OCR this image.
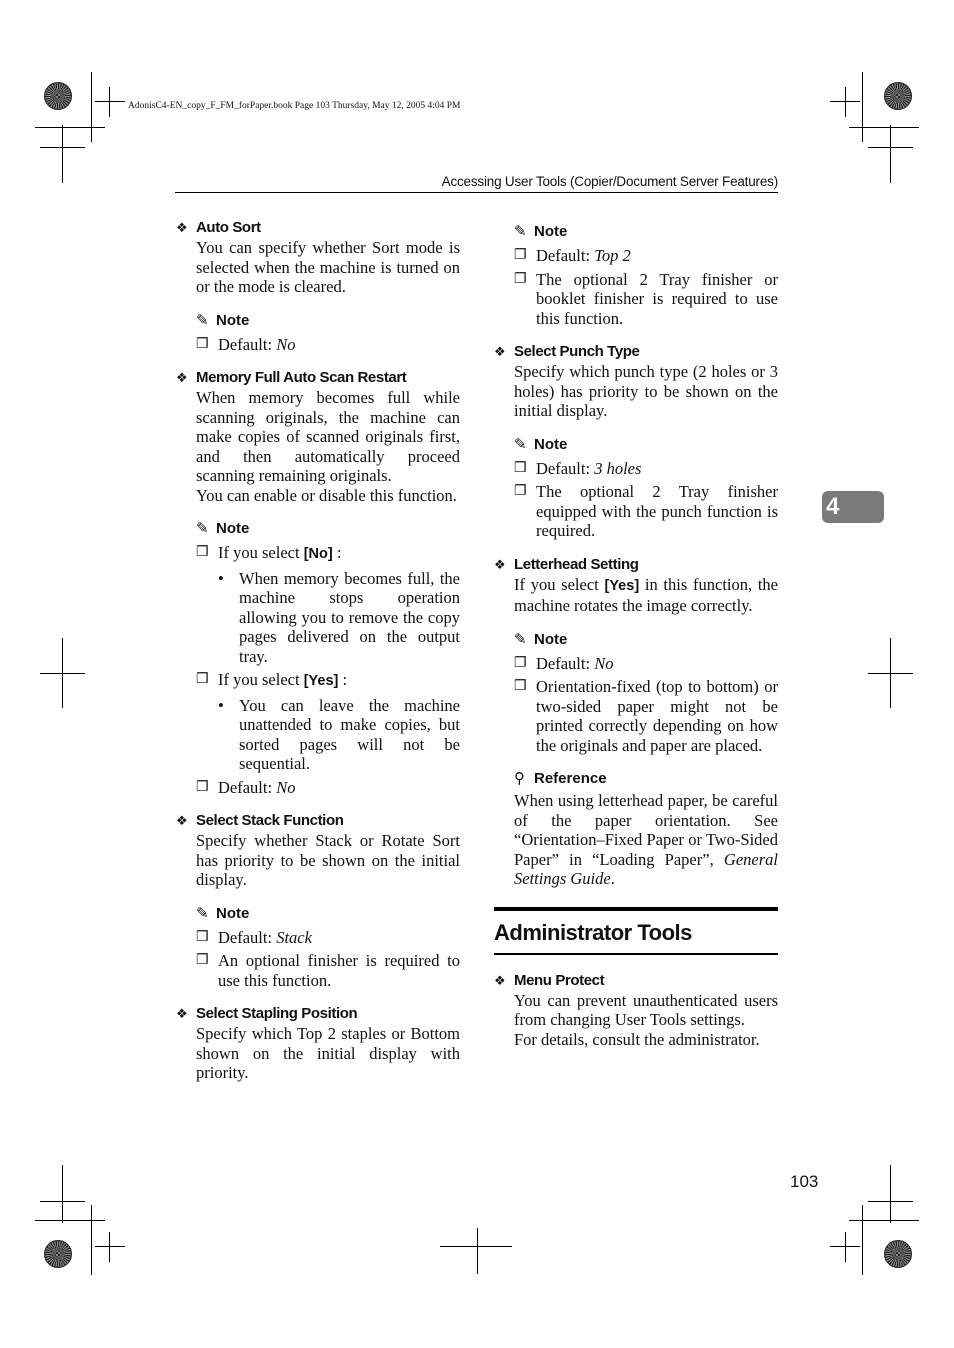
AdonisC4-EN_copy_F_FM_forPaper.book Page 103 Thursday, May 12, 2005 4:04 PM
Accessing User Tools (Copier/Document Server Features)
4

❖ Auto Sort

You can specify whether Sort mode is selected when the machine is turned on or the mode is cleared.

✎ Note
❒ Default: No

❖ Memory Full Auto Scan Restart

When memory becomes full while scanning originals, the machine can make copies of scanned originals first, and then automatically proceed scanning remaining originals.

You can enable or disable this function.

✎ Note
❒ If you select [No] :
• When memory becomes full, the machine stops operation allowing you to remove the copy pages delivered on the output tray.
❒ If you select [Yes] :
• You can leave the machine unattended to make copies, but sorted pages will not be sequential.
❒ Default: No

❖ Select Stack Function

Specify whether Stack or Rotate Sort has priority to be shown on the initial display.

✎ Note
❒ Default: Stack
❒ An optional finisher is required to use this function.

❖ Select Stapling Position

Specify which Top 2 staples or Bottom shown on the initial display with priority.

✎ Note
❒ Default: Top 2
❒ The optional 2 Tray finisher or booklet finisher is required to use this function.

❖ Select Punch Type

Specify which punch type (2 holes or 3 holes) has priority to be shown on the initial display.

✎ Note
❒ Default: 3 holes
❒ The optional 2 Tray finisher equipped with the punch function is required.

❖ Letterhead Setting

If you select [Yes] in this function, the machine rotates the image correctly.

✎ Note
❒ Default: No
❒ Orientation-fixed (top to bottom) or two-sided paper might not be printed correctly depending on how the originals and paper are placed.
⚲ Reference

When using letterhead paper, be careful of the paper orientation. See “Orientation–Fixed Paper or Two-Sided Paper” in “Loading Paper”, General Settings Guide.

Administrator Tools

❖ Menu Protect

You can prevent unauthenticated users from changing User Tools settings.

For details, consult the administrator.

103
